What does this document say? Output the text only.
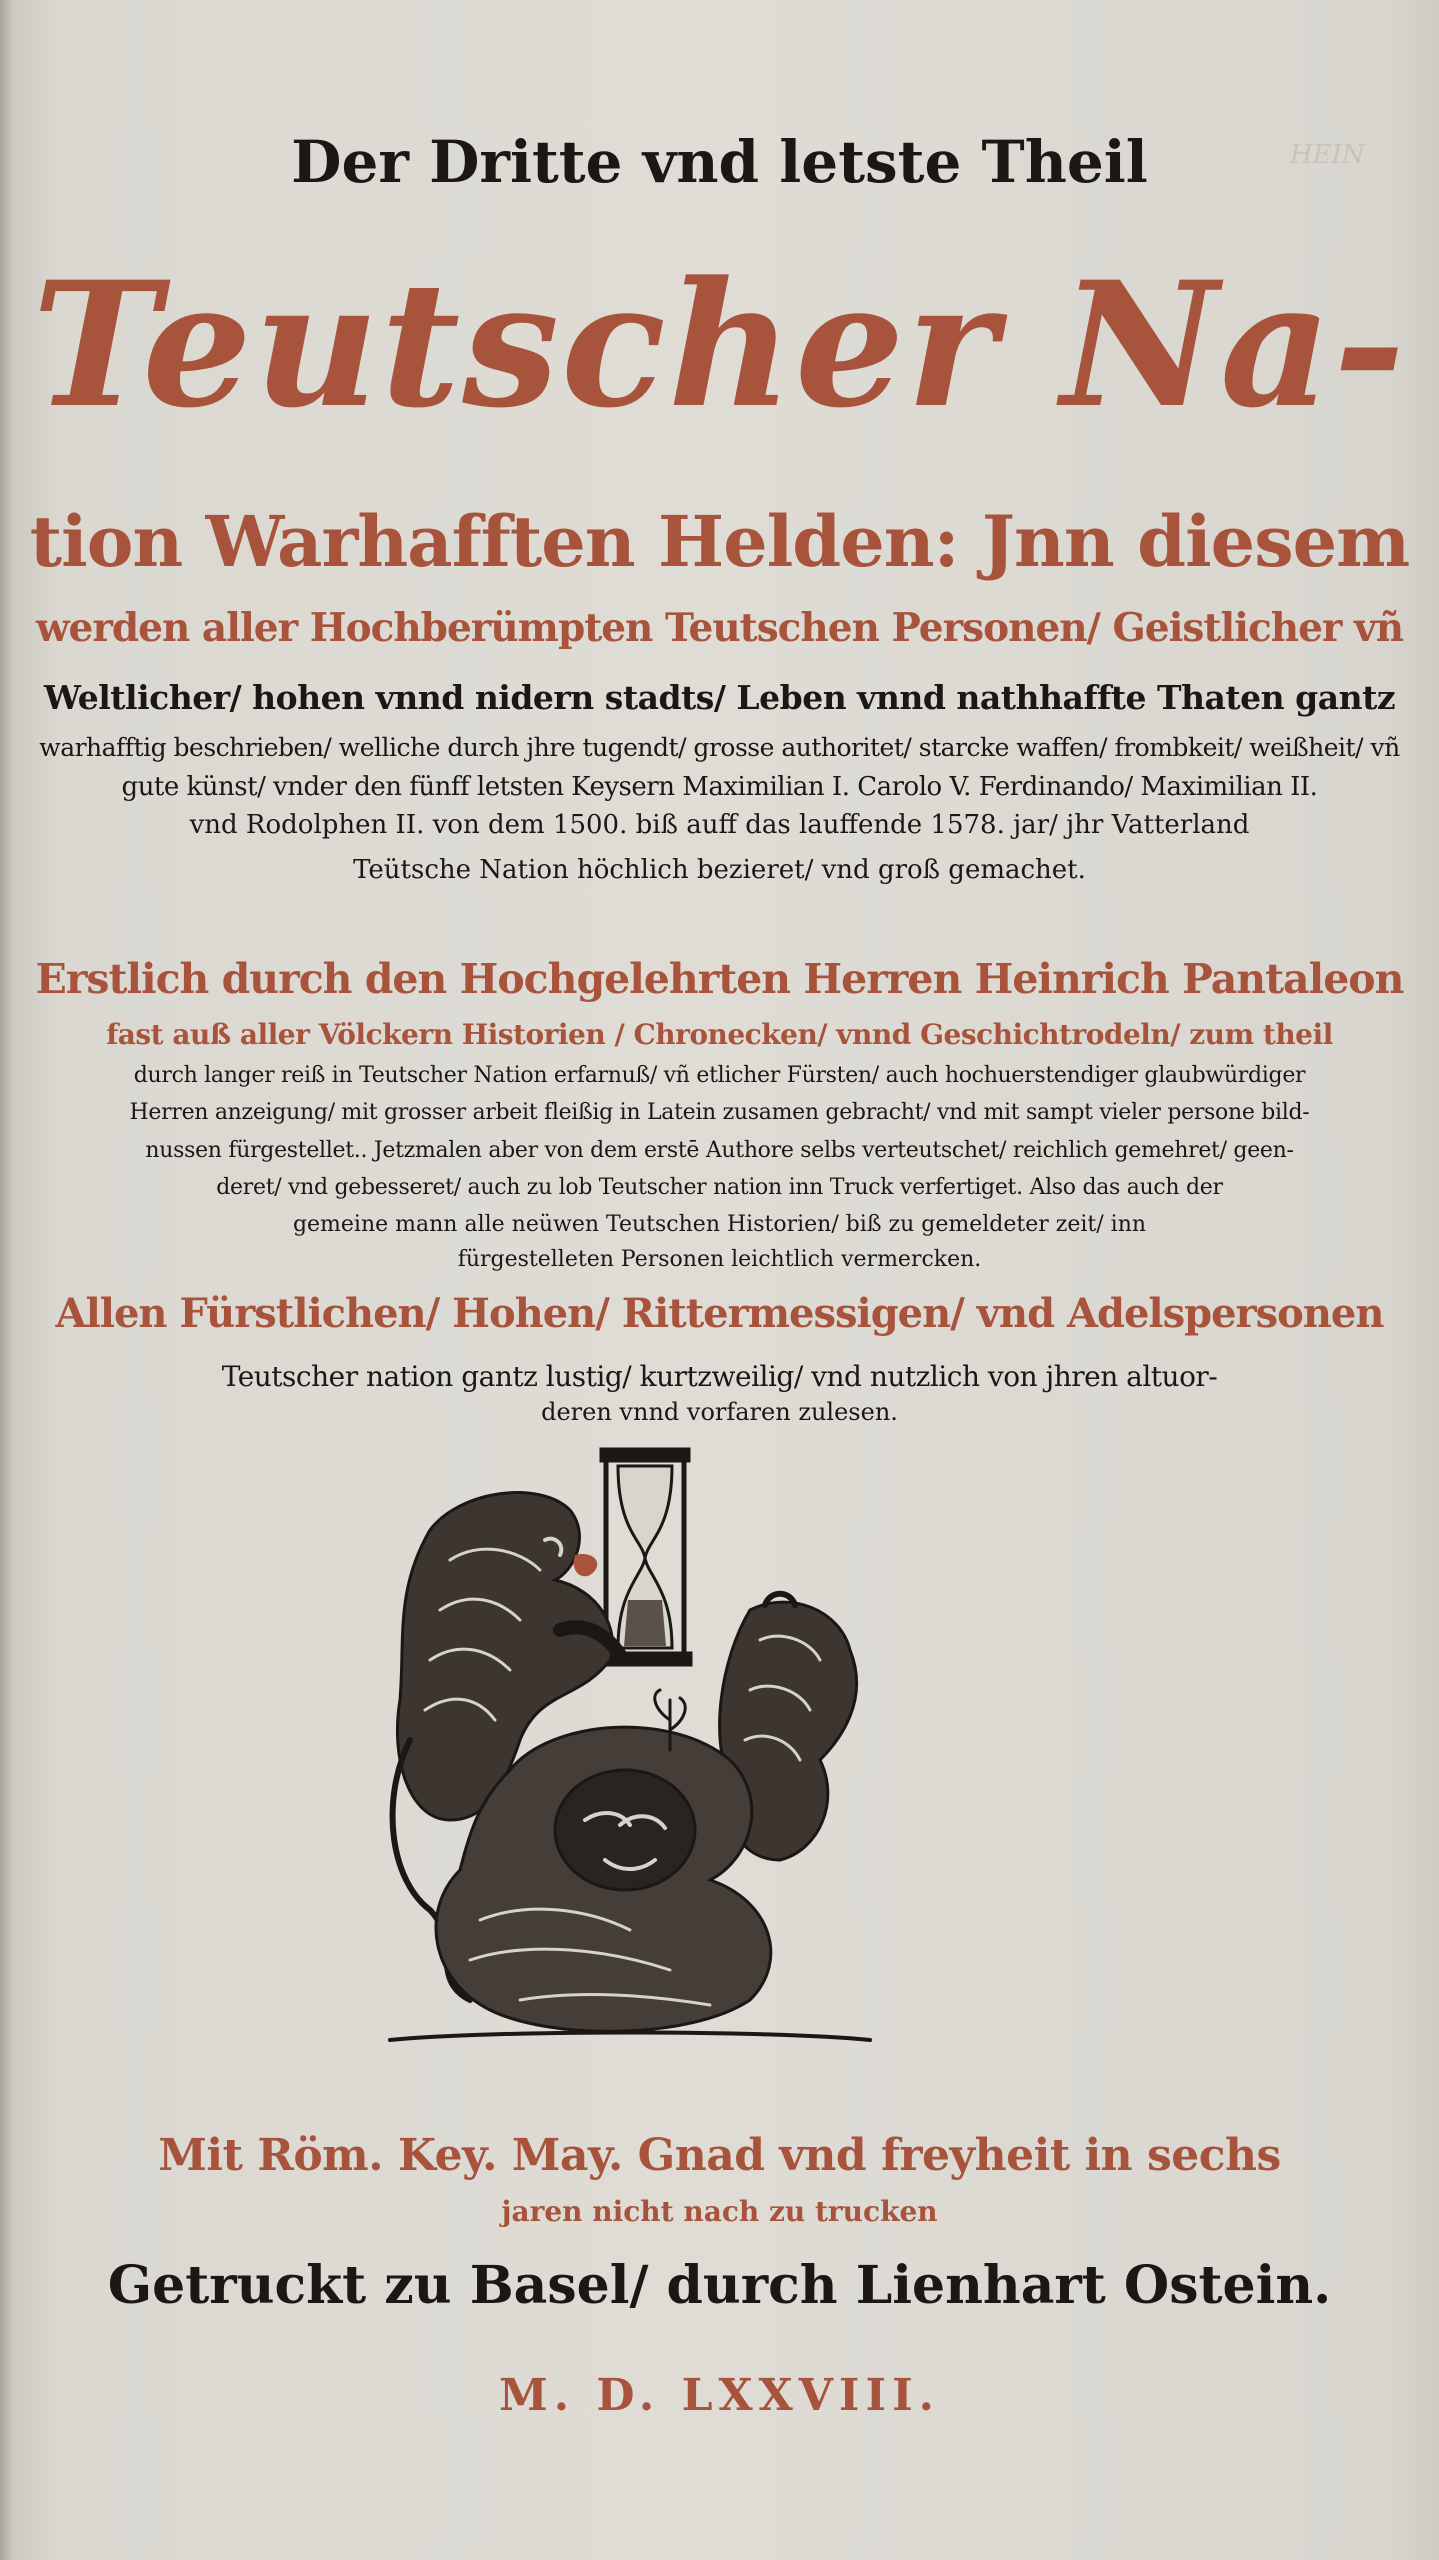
HEIN
Der Dritte vnd letste Theil
Teutscher Na-
tion Warhafften Helden: Jnn diesem
werden aller Hochberümpten Teutschen Personen/ Geistlicher vñ
Weltlicher/ hohen vnnd nidern stadts/ Leben vnnd nathhaffte Thaten gantz
warhafftig beschrieben/ welliche durch jhre tugendt/ grosse authoritet/ starcke waffen/ frombkeit/ weißheit/ vñ
gute künst/ vnder den fünff letsten Keysern Maximilian I. Carolo V. Ferdinando/ Maximilian II.
vnd Rodolphen II. von dem 1500. biß auff das lauffende 1578. jar/ jhr Vatterland
Teütsche Nation höchlich bezieret/ vnd groß gemachet.
Erstlich durch den Hochgelehrten Herren Heinrich Pantaleon
fast auß aller Völckern Historien / Chronecken/ vnnd Geschichtrodeln/ zum theil
durch langer reiß in Teutscher Nation erfarnuß/ vñ etlicher Fürsten/ auch hochuerstendiger glaubwürdiger
Herren anzeigung/ mit grosser arbeit fleißig in Latein zusamen gebracht/ vnd mit sampt vieler persone bild-
nussen fürgestellet.. Jetzmalen aber von dem erstē Authore selbs verteutschet/ reichlich gemehret/ geen-
deret/ vnd gebesseret/ auch zu lob Teutscher nation inn Truck verfertiget. Also das auch der
gemeine mann alle neüwen Teutschen Historien/ biß zu gemeldeter zeit/ inn
fürgestelleten Personen leichtlich vermercken.
Allen Fürstlichen/ Hohen/ Rittermessigen/ vnd Adelspersonen
Teutscher nation gantz lustig/ kurtzweilig/ vnd nutzlich von jhren altuor-
deren vnnd vorfaren zulesen.
Mit Röm. Key. May. Gnad vnd freyheit in sechs
jaren nicht nach zu trucken
Getruckt zu Basel/ durch Lienhart Ostein.
M. D. LXXVIII.
